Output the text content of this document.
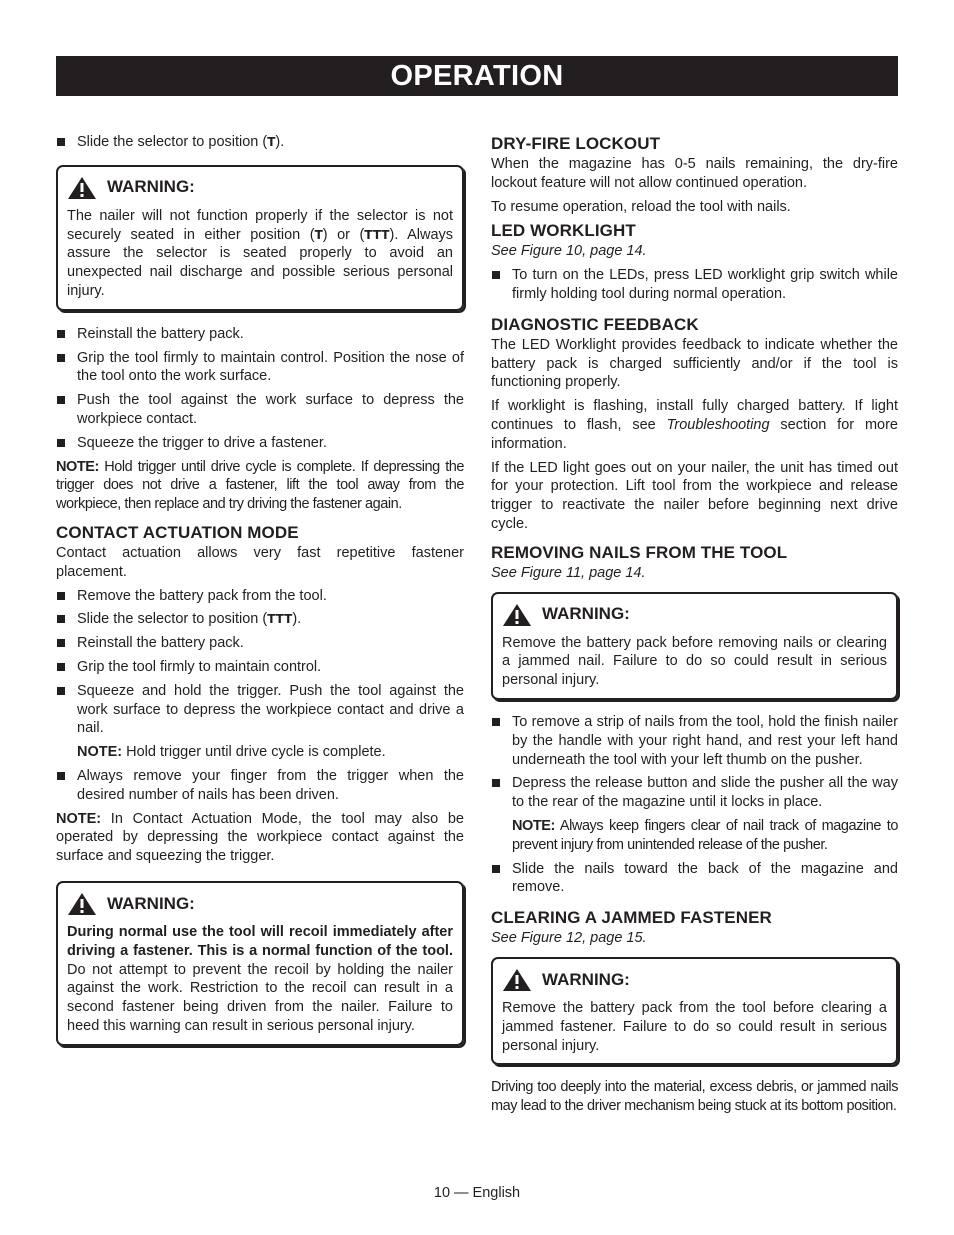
OPERATION
Slide the selector to position (T).
WARNING:

The nailer will not function properly if the selector is not securely seated in either position (T) or (TTT). Always assure the selector is seated properly to avoid an unexpected nail discharge and possible serious personal injury.

Reinstall the battery pack.
Grip the tool firmly to maintain control. Position the nose of the tool onto the work surface.
Push the tool against the work surface to depress the workpiece contact.
Squeeze the trigger to drive a fastener.

NOTE: Hold trigger until drive cycle is complete. If depressing the trigger does not drive a fastener, lift the tool away from the workpiece, then replace and try driving the fastener again.

CONTACT ACTUATION MODE

Contact actuation allows very fast repetitive fastener placement.

Remove the battery pack from the tool.
Slide the selector to position (TTT).
Reinstall the battery pack.
Grip the tool firmly to maintain control.
Squeeze and hold the trigger. Push the tool against the work surface to depress the workpiece contact and drive a nail.

NOTE: Hold trigger until drive cycle is complete.

Always remove your finger from the trigger when the desired number of nails has been driven.

NOTE: In Contact Actuation Mode, the tool may also be operated by depressing the workpiece contact against the surface and squeezing the trigger.

WARNING:

During normal use the tool will recoil immediately after driving a fastener. This is a normal function of the tool. Do not attempt to prevent the recoil by holding the nailer against the work. Restriction to the recoil can result in a second fastener being driven from the nailer. Failure to heed this warning can result in serious personal injury.

DRY-FIRE LOCKOUT

When the magazine has 0-5 nails remaining, the dry-fire lockout feature will not allow continued operation.

To resume operation, reload the tool with nails.

LED WORKLIGHT

See Figure 10, page 14.

To turn on the LEDs, press LED worklight grip switch while firmly holding tool during normal operation.
DIAGNOSTIC FEEDBACK

The LED Worklight provides feedback to indicate whether the battery pack is charged sufficiently and/or if the tool is functioning properly.

If worklight is flashing, install fully charged battery. If light continues to flash, see Troubleshooting section for more information.

If the LED light goes out on your nailer, the unit has timed out for your protection. Lift tool from the workpiece and release trigger to reactivate the nailer before beginning next drive cycle.

REMOVING NAILS FROM THE TOOL

See Figure 11, page 14.

WARNING:

Remove the battery pack before removing nails or clearing a jammed nail. Failure to do so could result in serious personal injury.

To remove a strip of nails from the tool, hold the finish nailer by the handle with your right hand, and rest your left hand underneath the tool with your left thumb on the pusher.
Depress the release button and slide the pusher all the way to the rear of the magazine until it locks in place.

NOTE: Always keep fingers clear of nail track of magazine to prevent injury from unintended release of the pusher.

Slide the nails toward the back of the magazine and remove.
CLEARING A JAMMED FASTENER

See Figure 12, page 15.

WARNING:

Remove the battery pack from the tool before clearing a jammed fastener. Failure to do so could result in serious personal injury.

Driving too deeply into the material, excess debris, or jammed nails may lead to the driver mechanism being stuck at its bottom position.

10 — English
